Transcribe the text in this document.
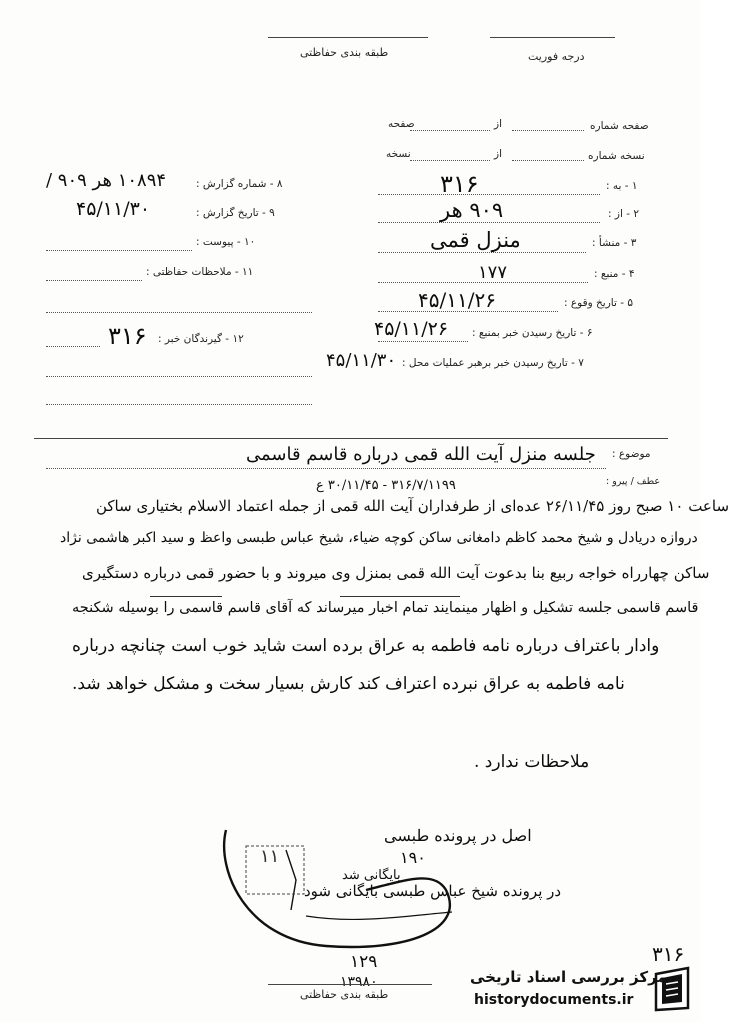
طبقه بندی حفاظتی	درجه فوریت
صفحه شماره
از
صفحه
نسخه شماره
از
نسخه
۱ - به :
۲ - از :
۳ - منشأ :
۴ - منبع :
۵ - تاریخ وقوع :
۶ - تاریخ رسیدن خبر بمنبع :
۷ - تاریخ رسیدن خبر برهبر عملیات محل :
۳۱۶
۹۰۹ هر
منزل قمی
۱۷۷
۴۵/۱۱/۲۶
۴۵/۱۱/۲۶
۴۵/۱۱/۳۰
۸ - شماره گزارش :
۹ - تاریخ گزارش :
۱۰ - پیوست :
۱۱ - ملاحظات حفاظتی :
۱۲ - گیرندگان خبر :
۱۰۸۹۴ هر ۹۰۹ /
۴۵/۱۱/۳۰
۳۱۶
موضوع :
جلسه منزل آیت الله قمی درباره قاسم قاسمی
عطف / پیرو :
۳۱۶/۷/۱۱۹۹ - ۳۰/۱۱/۴۵ ع
ساعت ۱۰ صبح روز ۲۶/۱۱/۴۵ عده‌ای از طرفداران آیت الله قمی از جمله اعتماد الاسلام بختیاری ساکن
دروازه دریادل و شیخ محمد کاظم دامغانی ساکن کوچه ضیاء، شیخ عباس طبسی واعظ و سید اکبر هاشمی نژاد
ساکن چهارراه خواجه ربیع بنا بدعوت آیت الله قمی بمنزل وی میروند و با حضور قمی درباره دستگیری
قاسم قاسمی جلسه تشکیل و اظهار مینمایند تمام اخبار میرساند که آقای قاسم قاسمی را بوسیله شکنجه
وادار باعتراف درباره نامه فاطمه به عراق برده است شاید خوب است چنانچه درباره
نامه فاطمه به عراق نبرده اعتراف کند کارش بسیار سخت و مشکل خواهد شد.
ملاحظات ندارد .
اصل در پرونده طبسی
۱۹۰
در پرونده شیخ عباس طبسی بایگانی شود
۱۱
بایگانی شد
۱۲۹
۱۳۹۸۰
طبقه بندی حفاظتی
۳۱۶
مرکز بررسی اسناد تاریخی
historydocuments.ir
